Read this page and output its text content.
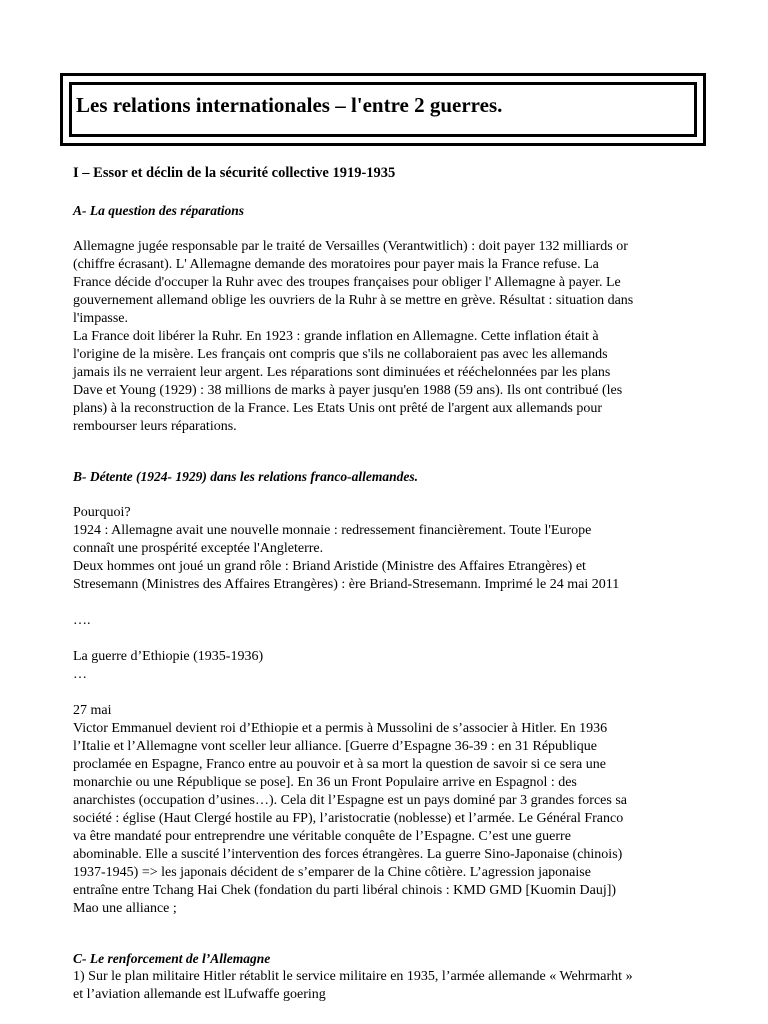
Les relations internationales – l'entre 2 guerres.
I – Essor et déclin de la sécurité collective 1919-1935
A- La question des réparations
Allemagne jugée responsable par le traité de Versailles (Verantwitlich) : doit payer 132 milliards or
(chiffre écrasant). L' Allemagne demande des moratoires pour payer mais la France refuse. La
France décide d'occuper la Ruhr avec des troupes françaises pour obliger l' Allemagne à payer. Le
gouvernement allemand oblige les ouvriers de la Ruhr à se mettre en grève. Résultat : situation dans
l'impasse.
La France doit libérer la Ruhr. En 1923 : grande inflation en Allemagne. Cette inflation était à
l'origine de la misère. Les français ont compris que s'ils ne collaboraient pas avec les allemands
jamais ils ne verraient leur argent. Les réparations sont diminuées et rééchelonnées par les plans
Dave et Young (1929) : 38 millions de marks à payer jusqu'en 1988 (59 ans). Ils ont contribué (les
plans) à la reconstruction de la France. Les Etats Unis ont prêté de l'argent aux allemands pour
rembourser leurs réparations.
B- Détente (1924- 1929) dans les relations franco-allemandes.
Pourquoi?
1924 : Allemagne avait une nouvelle monnaie : redressement financièrement. Toute l'Europe
connaît une prospérité exceptée l'Angleterre.
Deux hommes ont joué un grand rôle : Briand Aristide (Ministre des Affaires Etrangères) et
Stresemann (Ministres des Affaires Etrangères) : ère Briand-Stresemann. Imprimé le 24 mai 2011
….
La guerre d’Ethiopie (1935-1936)
…
27 mai
Victor Emmanuel devient roi d’Ethiopie et a permis à Mussolini de s’associer à Hitler. En 1936
l’Italie et l’Allemagne vont sceller leur alliance. [Guerre d’Espagne 36-39 : en 31 République
proclamée en Espagne, Franco entre au pouvoir et à sa mort la question de savoir si ce sera une
monarchie ou une République se pose]. En 36 un Front Populaire arrive en Espagnol : des
anarchistes (occupation d’usines…). Cela dit l’Espagne est un pays dominé par 3 grandes forces sa
société : église (Haut Clergé hostile au FP), l’aristocratie (noblesse) et l’armée. Le Général Franco
va être mandaté pour entreprendre une véritable conquête de l’Espagne. C’est une guerre
abominable. Elle a suscité l’intervention des forces étrangères. La guerre Sino-Japonaise (chinois)
1937-1945) => les japonais décident de s’emparer de la Chine côtière. L’agression japonaise
entraîne entre Tchang Hai Chek (fondation du parti libéral chinois : KMD GMD [Kuomin Dauj])
Mao une alliance ;
C- Le renforcement de l’Allemagne
1) Sur le plan militaire Hitler rétablit le service militaire en 1935, l’armée allemande « Wehrmarht »
et l’aviation allemande est lLufwaffe goering
